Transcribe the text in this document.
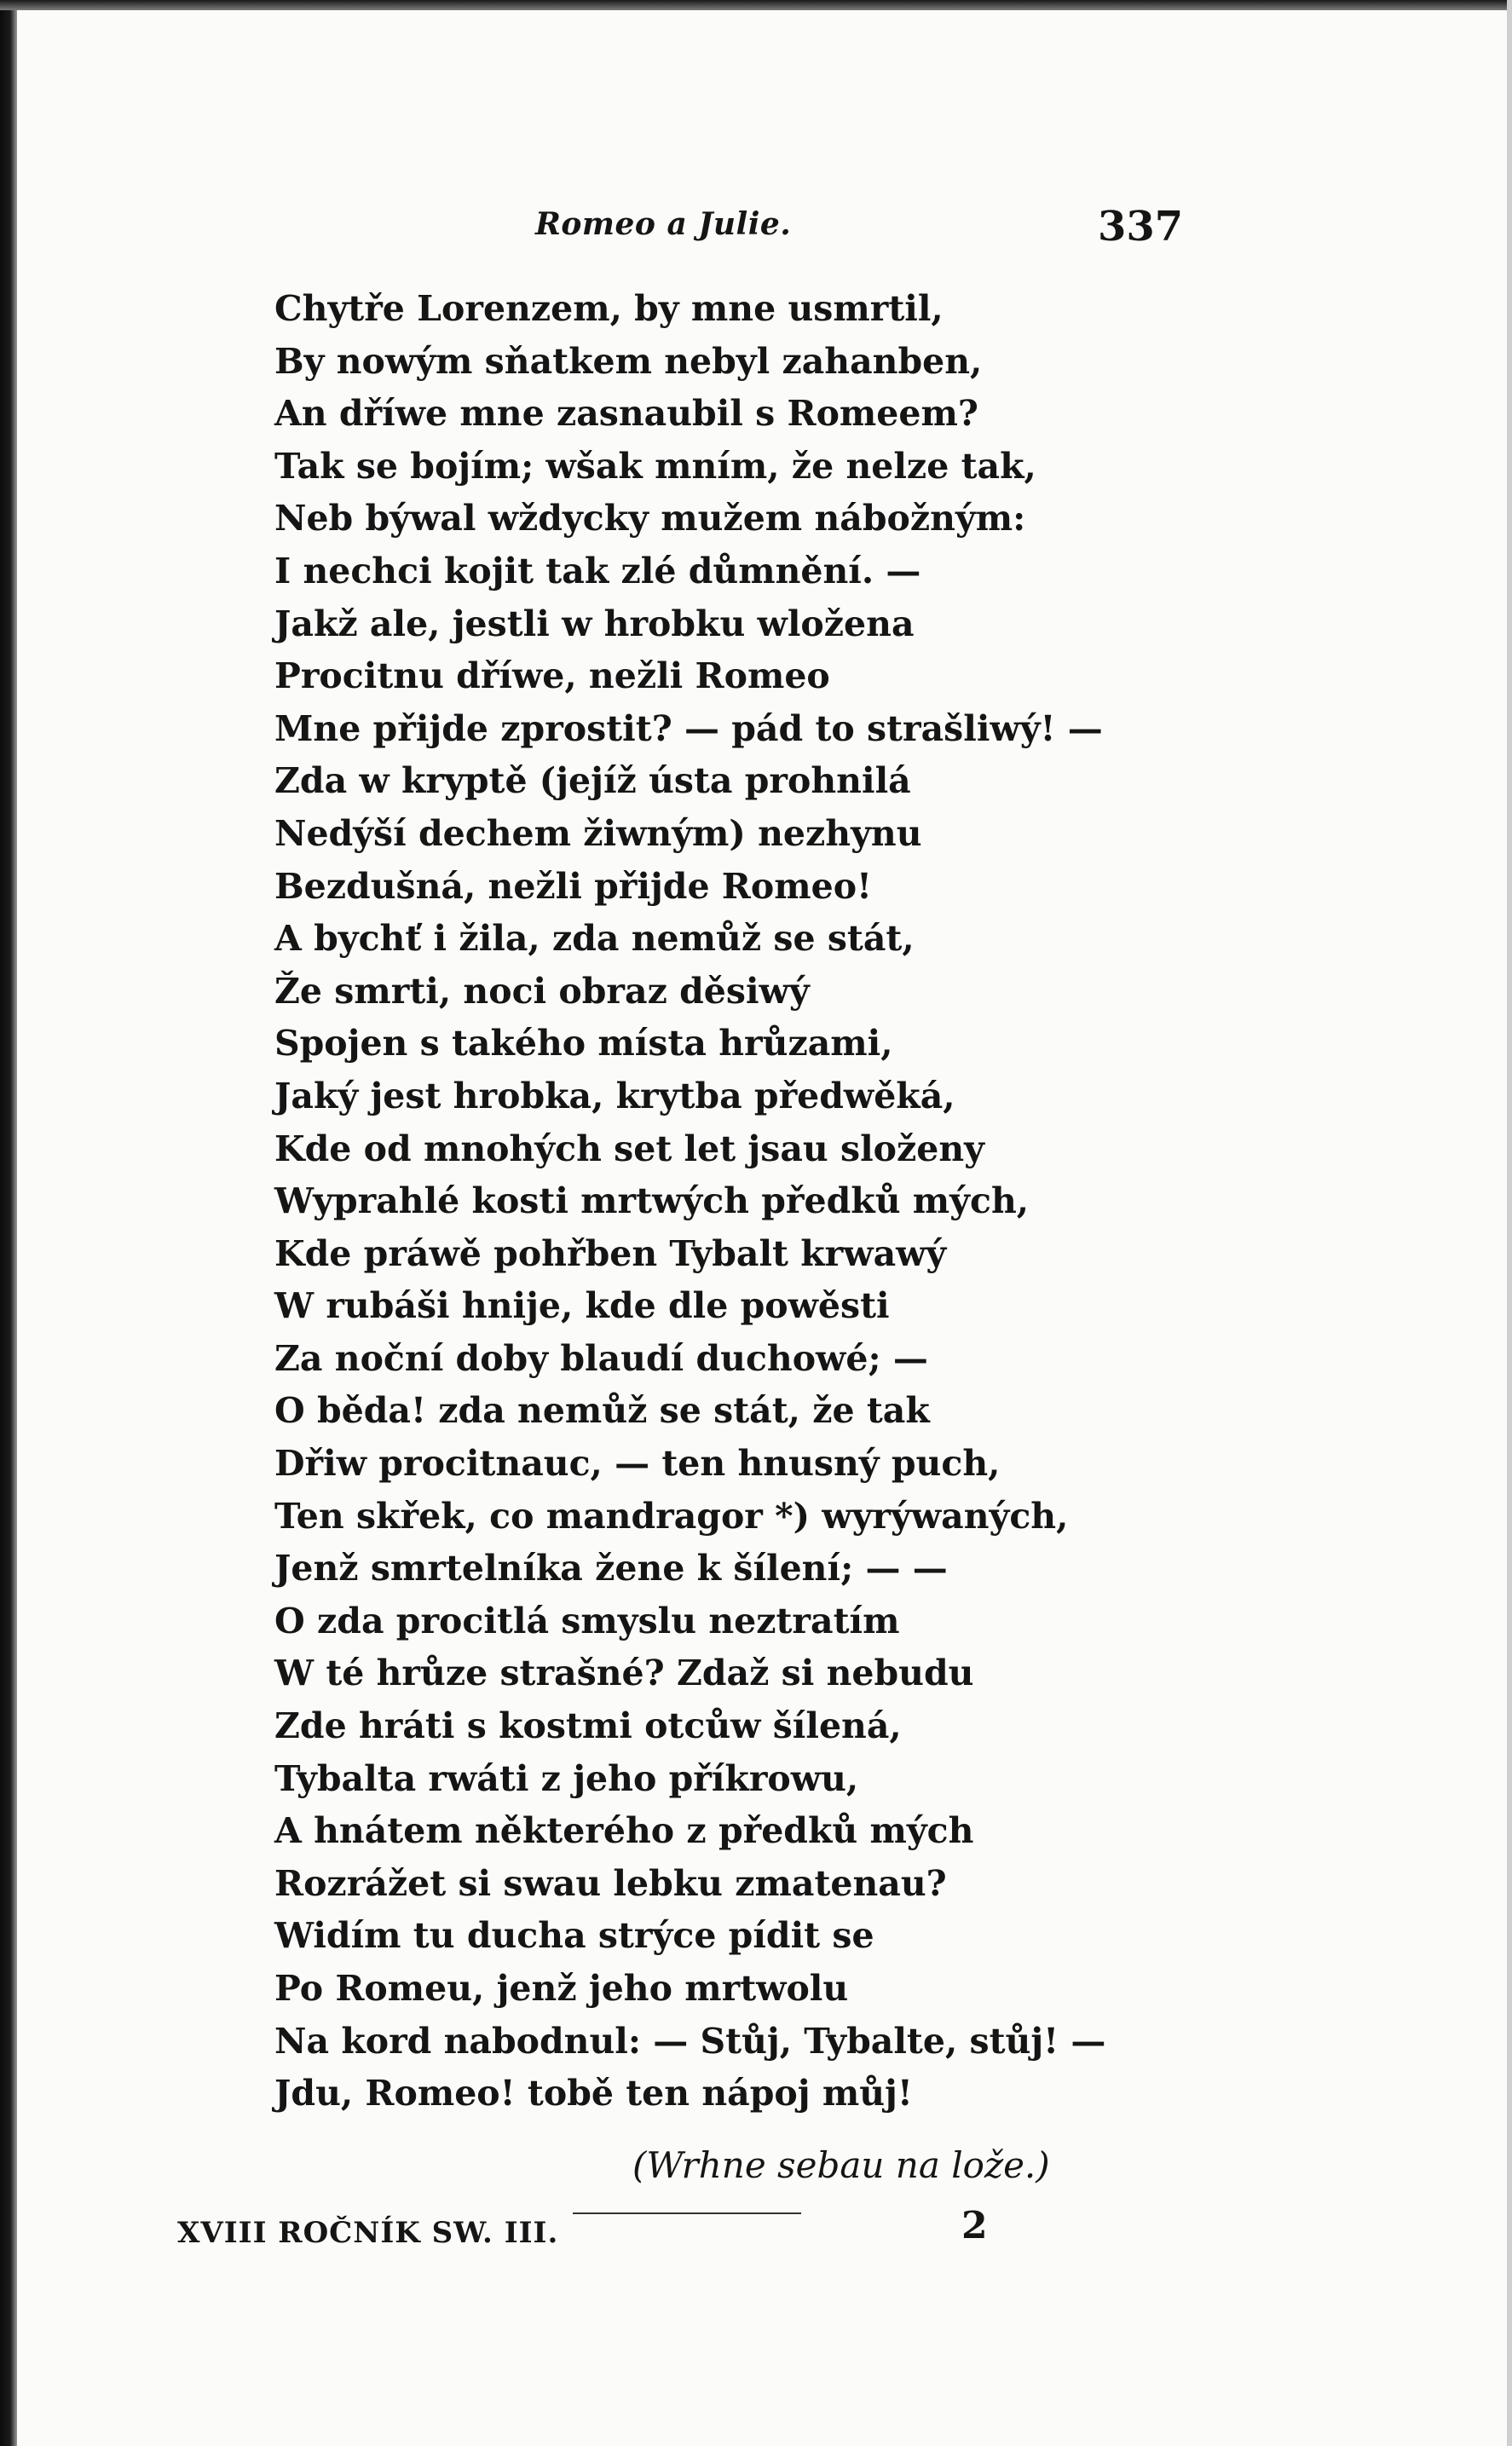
Romeo a Julie.	337
Chytře Lorenzem, by mne usmrtil,
By nowým sňatkem nebyl zahanben,
An dříwe mne zasnaubil s Romeem?
Tak se bojím; wšak mním, že nelze tak,
Neb býwal wždycky mužem nábožným:
I nechci kojit tak zlé důmnění. —
Jakž ale, jestli w hrobku wložena
Procitnu dříwe, nežli Romeo
Mne přijde zprostit? — pád to strašliwý! —
Zda w kryptě (jejíž ústa prohnilá
Nedýší dechem žiwným) nezhynu
Bezdušná, nežli přijde Romeo!
A bychť i žila, zda nemůž se stát,
Že smrti, noci obraz děsiwý
Spojen s takého místa hrůzami,
Jaký jest hrobka, krytba předwěká,
Kde od mnohých set let jsau složeny
Wyprahlé kosti mrtwých předků mých,
Kde práwě pohřben Tybalt krwawý
W rubáši hnije, kde dle powěsti
Za noční doby blaudí duchowé; —
O běda! zda nemůž se stát, že tak
Dřiw procitnauc, — ten hnusný puch,
Ten skřek, co mandragor *) wyrýwaných,
Jenž smrtelníka žene k šílení; — —
O zda procitlá smyslu neztratím
W té hrůze strašné? Zdaž si nebudu
Zde hráti s kostmi otcůw šílená,
Tybalta rwáti z jeho příkrowu,
A hnátem některého z předků mých
Rozrážet si swau lebku zmatenau?
Widím tu ducha strýce pídit se
Po Romeu, jenž jeho mrtwolu
Na kord nabodnul: — Stůj, Tybalte, stůj! —
Jdu, Romeo! tobě ten nápoj můj!
(Wrhne sebau na lože.)
XVIII ROČNÍK SW. III.	2
